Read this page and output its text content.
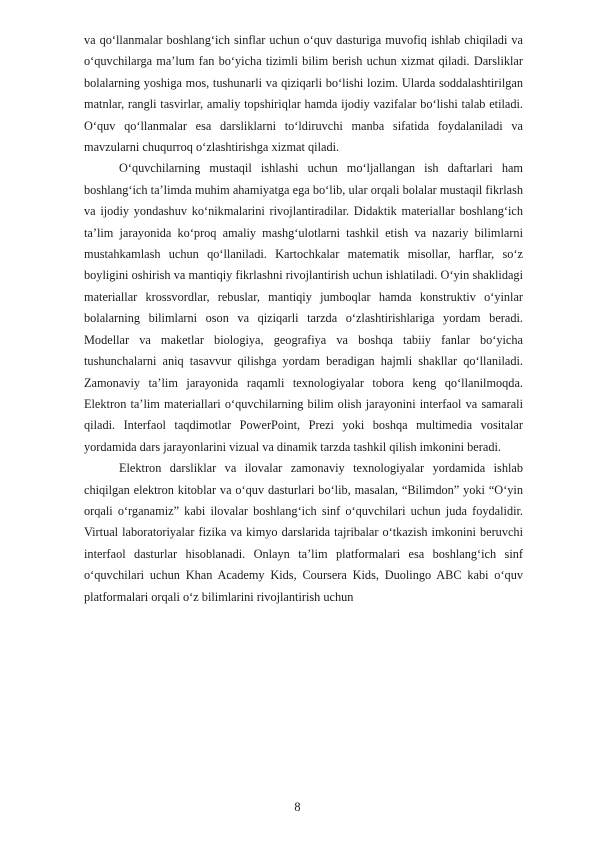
va qo‘llanmalar boshlang‘ich sinflar uchun o‘quv dasturiga muvofiq ishlab chiqiladi va o‘quvchilarga ma’lum fan bo‘yicha tizimli bilim berish uchun xizmat qiladi. Darsliklar bolalarning yoshiga mos, tushunarli va qiziqarli bo‘lishi lozim. Ularda soddalashtirilgan matnlar, rangli tasvirlar, amaliy topshiriqlar hamda ijodiy vazifalar bo‘lishi talab etiladi. O‘quv qo‘llanmalar esa darsliklarni to‘ldiruvchi manba sifatida foydalaniladi va mavzularni chuqurroq o‘zlashtirishga xizmat qiladi.

O‘quvchilarning mustaqil ishlashi uchun mo‘ljallangan ish daftarlari ham boshlang‘ich ta’limda muhim ahamiyatga ega bo‘lib, ular orqali bolalar mustaqil fikrlash va ijodiy yondashuv ko‘nikmalarini rivojlantiradilar. Didaktik materiallar boshlang‘ich ta’lim jarayonida ko‘proq amaliy mashg‘ulotlarni tashkil etish va nazariy bilimlarni mustahkamlash uchun qo‘llaniladi. Kartochkalar matematik misollar, harflar, so‘z boyligini oshirish va mantiqiy fikrlashni rivojlantirish uchun ishlatiladi. O‘yin shaklidagi materiallar krossvordlar, rebuslar, mantiqiy jumboqlar hamda konstruktiv o‘yinlar bolalarning bilimlarni oson va qiziqarli tarzda o‘zlashtirishlariga yordam beradi. Modellar va maketlar biologiya, geografiya va boshqa tabiiy fanlar bo‘yicha tushunchalarni aniq tasavvur qilishga yordam beradigan hajmli shakllar qo‘llaniladi. Zamonaviy ta’lim jarayonida raqamli texnologiyalar tobora keng qo‘llanilmoqda. Elektron ta’lim materiallari o‘quvchilarning bilim olish jarayonini interfaol va samarali qiladi. Interfaol taqdimotlar PowerPoint, Prezi yoki boshqa multimedia vositalar yordamida dars jarayonlarini vizual va dinamik tarzda tashkil qilish imkonini beradi.

Elektron darsliklar va ilovalar zamonaviy texnologiyalar yordamida ishlab chiqilgan elektron kitoblar va o‘quv dasturlari bo‘lib, masalan, “Bilimdon” yoki “O‘yin orqali o‘rganamiz” kabi ilovalar boshlang‘ich sinf o‘quvchilari uchun juda foydalidir. Virtual laboratoriyalar fizika va kimyo darslarida tajribalar o‘tkazish imkonini beruvchi interfaol dasturlar hisoblanadi. Onlayn ta’lim platformalari esa boshlang‘ich sinf o‘quvchilari uchun Khan Academy Kids, Coursera Kids, Duolingo ABC kabi o‘quv platformalari orqali o‘z bilimlarini rivojlantirish uchun

8
